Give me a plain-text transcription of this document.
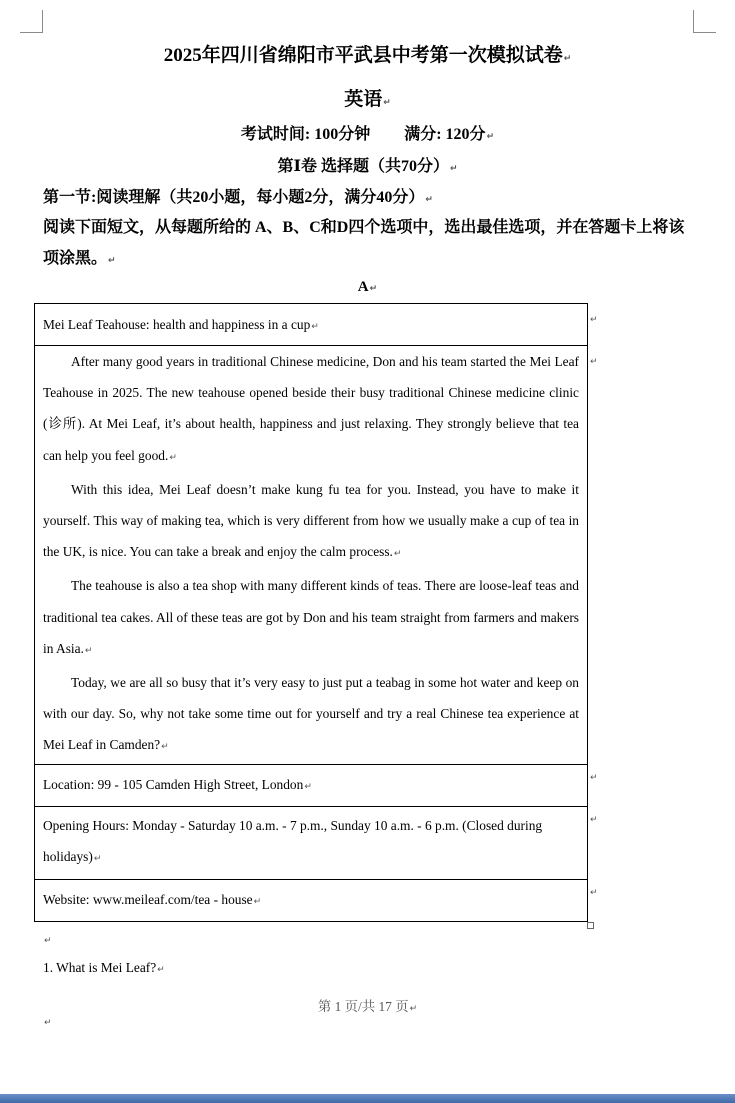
2025年四川省绵阳市平武县中考第一次模拟试卷↵
英语↵
考试时间: 100分钟 满分: 120分↵
第Ⅰ卷 选择题（共70分）↵
第一节:阅读理解（共20小题，每小题2分，满分40分）↵
阅读下面短文，从每题所给的 A、B、C和D四个选项中，选出最佳选项，并在答题卡上将该项涂黑。↵
A↵
Mei Leaf Teahouse: health and happiness in a cup↵

After many good years in traditional Chinese medicine, Don and his team started the Mei Leaf Teahouse in 2025. The new teahouse opened beside their busy traditional Chinese medicine clinic (诊所). At Mei Leaf, it’s about health, happiness and just relaxing. They strongly believe that tea can help you feel good.↵

With this idea, Mei Leaf doesn’t make kung fu tea for you. Instead, you have to make it yourself. This way of making tea, which is very different from how we usually make a cup of tea in the UK, is nice. You can take a break and enjoy the calm process.↵

The teahouse is also a tea shop with many different kinds of teas. There are loose-leaf teas and traditional tea cakes. All of these teas are got by Don and his team straight from farmers and makers in Asia.↵

Today, we are all so busy that it’s very easy to just put a teabag in some hot water and keep on with our day. So, why not take some time out for yourself and try a real Chinese tea experience at Mei Leaf in Camden?↵

Location: 99 - 105 Camden High Street, London↵
Opening Hours: Monday - Saturday 10 a.m. - 7 p.m., Sunday 10 a.m. - 6 p.m. (Closed during holidays)↵
Website: www.meileaf.com/tea - house↵
↵
↵
↵
↵
↵
↵
1. What is Mei Leaf?↵
第 1 页/共 17 页↵
↵
